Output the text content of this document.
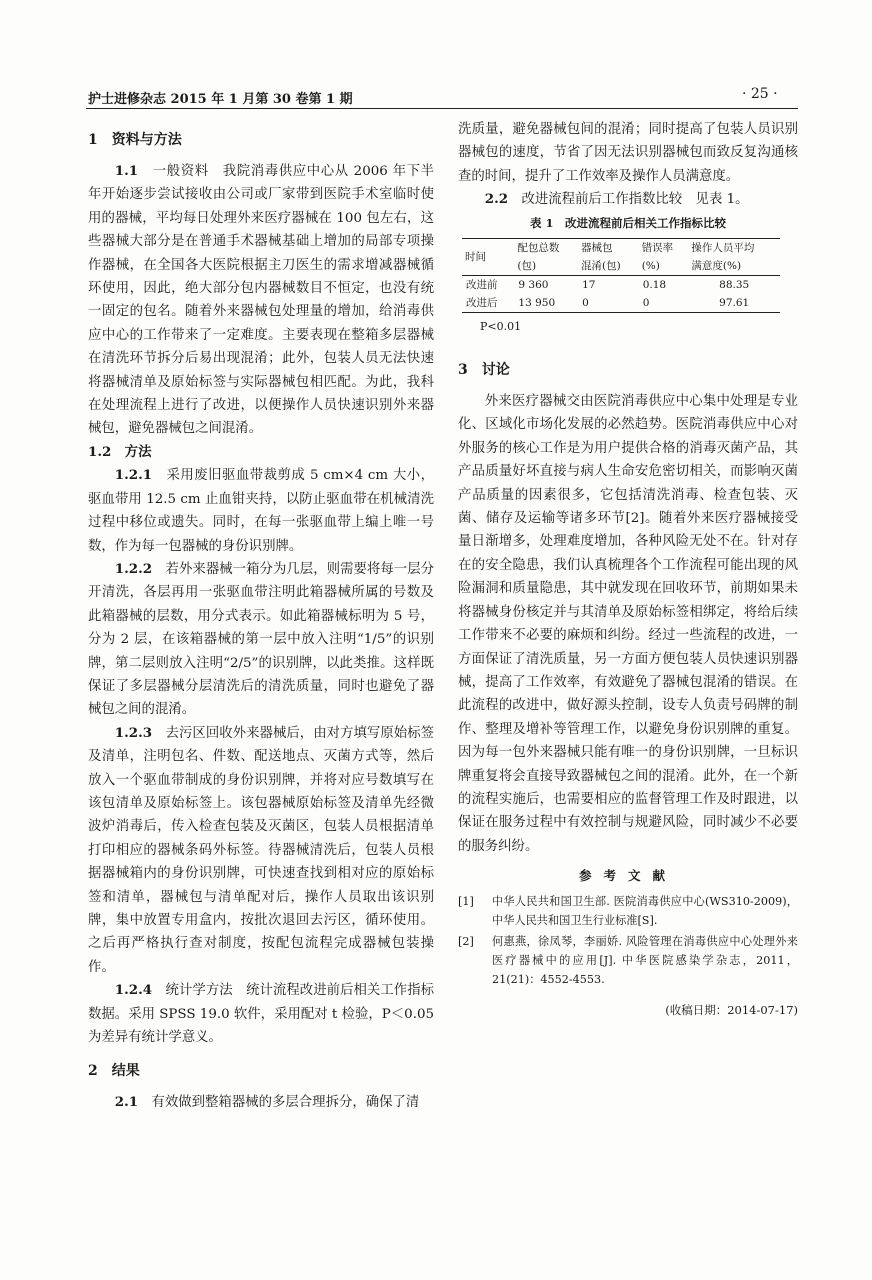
护士进修杂志 2015 年 1 月第 30 卷第 1 期	· 25 ·
1　资料与方法

1.1　 一般资料　 我院消毒供应中心从 2006 年下半年开始逐步尝试接收由公司或厂家带到医院手术室临时使用的器械，平均每日处理外来医疗器械在 100 包左右，这些器械大部分是在普通手术器械基础上增加的局部专项操作器械，在全国各大医院根据主刀医生的需求增减器械循环使用，因此，绝大部分包内器械数目不恒定，也没有统一固定的包名。随着外来器械包处理量的增加，给消毒供应中心的工作带来了一定难度。主要表现在整箱多层器械在清洗环节拆分后易出现混淆；此外，包装人员无法快速将器械清单及原始标签与实际器械包相匹配。为此，我科在处理流程上进行了改进，以便操作人员快速识别外来器械包，避免器械包之间混淆。

1.2　方法

1.2.1　 采用废旧驱血带裁剪成 5 cm×4 cm 大小，驱血带用 12.5 cm 止血钳夹持，以防止驱血带在机械清洗过程中移位或遗失。同时，在每一张驱血带上编上唯一号数，作为每一包器械的身份识别牌。

1.2.2　 若外来器械一箱分为几层，则需要将每一层分开清洗，各层再用一张驱血带注明此箱器械所属的号数及此箱器械的层数，用分式表示。如此箱器械标明为 5 号，分为 2 层，在该箱器械的第一层中放入注明“1/5”的识别牌，第二层则放入注明“2/5”的识别牌，以此类推。这样既保证了多层器械分层清洗后的清洗质量，同时也避免了器械包之间的混淆。

1.2.3　 去污区回收外来器械后，由对方填写原始标签及清单，注明包名、件数、配送地点、灭菌方式等，然后放入一个驱血带制成的身份识别牌，并将对应号数填写在该包清单及原始标签上。该包器械原始标签及清单先经微波炉消毒后，传入检查包装及灭菌区，包装人员根据清单打印相应的器械条码外标签。待器械清洗后，包装人员根据器械箱内的身份识别牌，可快速查找到相对应的原始标签和清单，器械包与清单配对后，操作人员取出该识别牌，集中放置专用盒内，按批次退回去污区，循环使用。之后再严格执行查对制度，按配包流程完成器械包装操作。

1.2.4　 统计学方法　 统计流程改进前后相关工作指标数据。采用 SPSS 19.0 软件，采用配对 t 检验，P＜0.05 为差异有统计学意义。

2　结果

2.1　 有效做到整箱器械的多层合理拆分，确保了清

洗质量，避免器械包间的混淆；同时提高了包装人员识别器械包的速度，节省了因无法识别器械包而致反复沟通核查的时间，提升了工作效率及操作人员满意度。

2.2　 改进流程前后工作指数比较　见表 1。

表 1　改进流程前后相关工作指标比较
时间	配包总数	器械包	错误率	操作人员平均
	(包)	混淆(包)	(%)	满意度(%)
改进前	9 360	17	0.18	88.35
改进后	13 950	0	0	97.61
P<0.01
3　讨论

外来医疗器械交由医院消毒供应中心集中处理是专业化、区域化市场化发展的必然趋势。医院消毒供应中心对外服务的核心工作是为用户提供合格的消毒灭菌产品，其产品质量好坏直接与病人生命安危密切相关，而影响灭菌产品质量的因素很多，它包括清洗消毒、检查包装、灭菌、储存及运输等诸多环节[2]。随着外来医疗器械接受量日渐增多，处理难度增加，各种风险无处不在。针对存在的安全隐患，我们认真梳理各个工作流程可能出现的风险漏洞和质量隐患，其中就发现在回收环节，前期如果未将器械身份核定并与其清单及原始标签相绑定，将给后续工作带来不必要的麻烦和纠纷。经过一些流程的改进，一方面保证了清洗质量，另一方面方便包装人员快速识别器械，提高了工作效率，有效避免了器械包混淆的错误。在此流程的改进中，做好源头控制，设专人负责号码牌的制作、整理及增补等管理工作，以避免身份识别牌的重复。因为每一包外来器械只能有唯一的身份识别牌，一旦标识牌重复将会直接导致器械包之间的混淆。此外，在一个新的流程实施后，也需要相应的监督管理工作及时跟进，以保证在服务过程中有效控制与规避风险，同时减少不必要的服务纠纷。

参考文献
[1]	中华人民共和国卫生部. 医院消毒供应中心(WS310-2009)，中华人民共和国卫生行业标准[S].
[2]	何惠燕，徐凤琴，李丽娇. 风险管理在消毒供应中心处理外来医疗器械中的应用[J]. 中华医院感染学杂志，2011，21(21)：4552-4553.
(收稿日期：2014-07-17)
